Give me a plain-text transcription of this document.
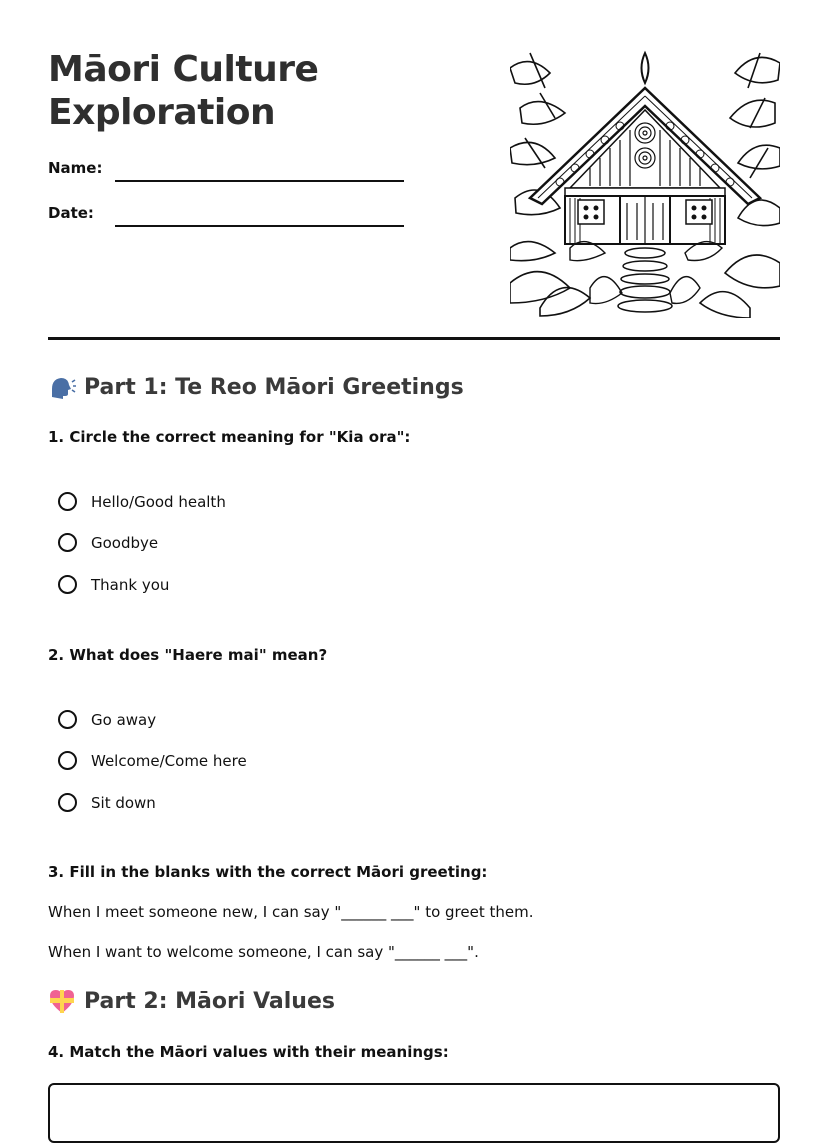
Māori Culture
Exploration
Name:
Date:
Part 1: Te Reo Māori Greetings
1. Circle the correct meaning for "Kia ora":
Hello/Good health
Goodbye
Thank you
2. What does "Haere mai" mean?
Go away
Welcome/Come here
Sit down
3. Fill in the blanks with the correct Māori greeting:
When I meet someone new, I can say "______ ___" to greet them.
When I want to welcome someone, I can say "______ ___".
Part 2: Māori Values
4. Match the Māori values with their meanings:
